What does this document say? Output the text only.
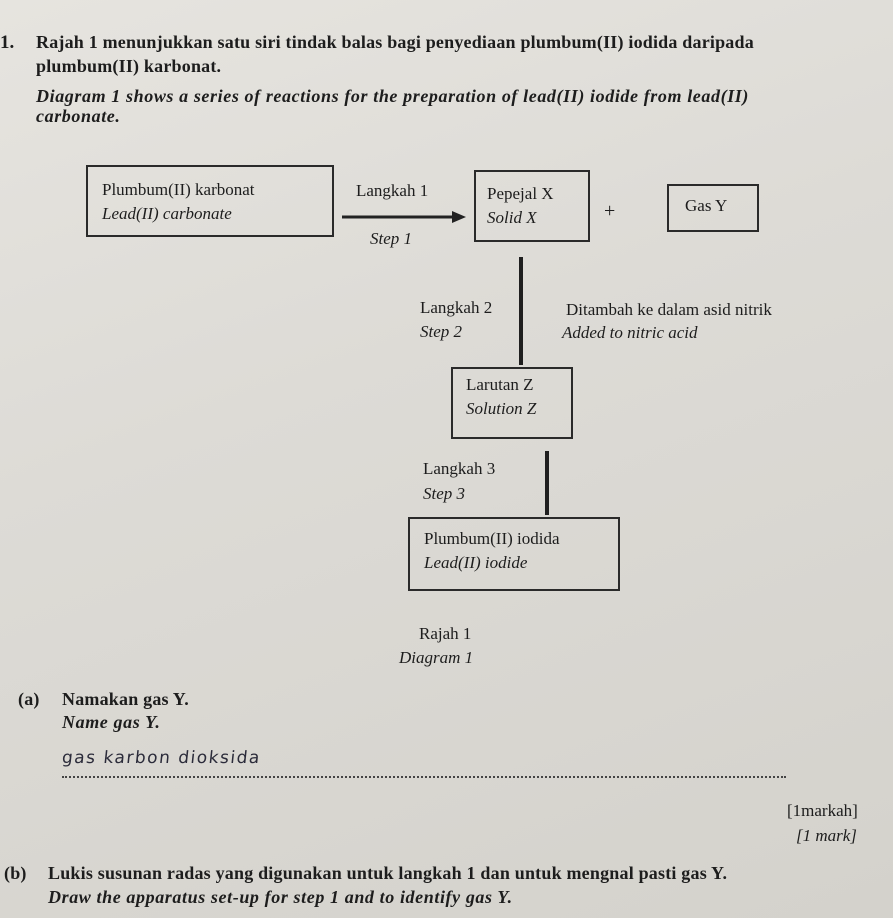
1. Rajah 1 menunjukkan satu siri tindak balas bagi penyediaan plumbum(II) iodida daripada
plumbum(II) karbonat.
Diagram 1 shows a series of reactions for the preparation of lead(II) iodide from lead(II)
carbonate.
Plumbum(II) karbonat
Lead(II) carbonate
Langkah 1
Step 1
Pepejal X
Solid X	+	Gas Y
Langkah 2
Step 2
Ditambah ke dalam asid nitrik
Added to nitric acid
Larutan Z
Solution Z
Langkah 3
Step 3
Plumbum(II) iodida
Lead(II) iodide
Rajah 1
Diagram 1
(a) Namakan gas Y.
Name gas Y.
gas karbon dioksida
[1markah]
[1 mark]
(b) Lukis susunan radas yang digunakan untuk langkah 1 dan untuk mengnal pasti gas Y.
Draw the apparatus set-up for step 1 and to identify gas Y.
